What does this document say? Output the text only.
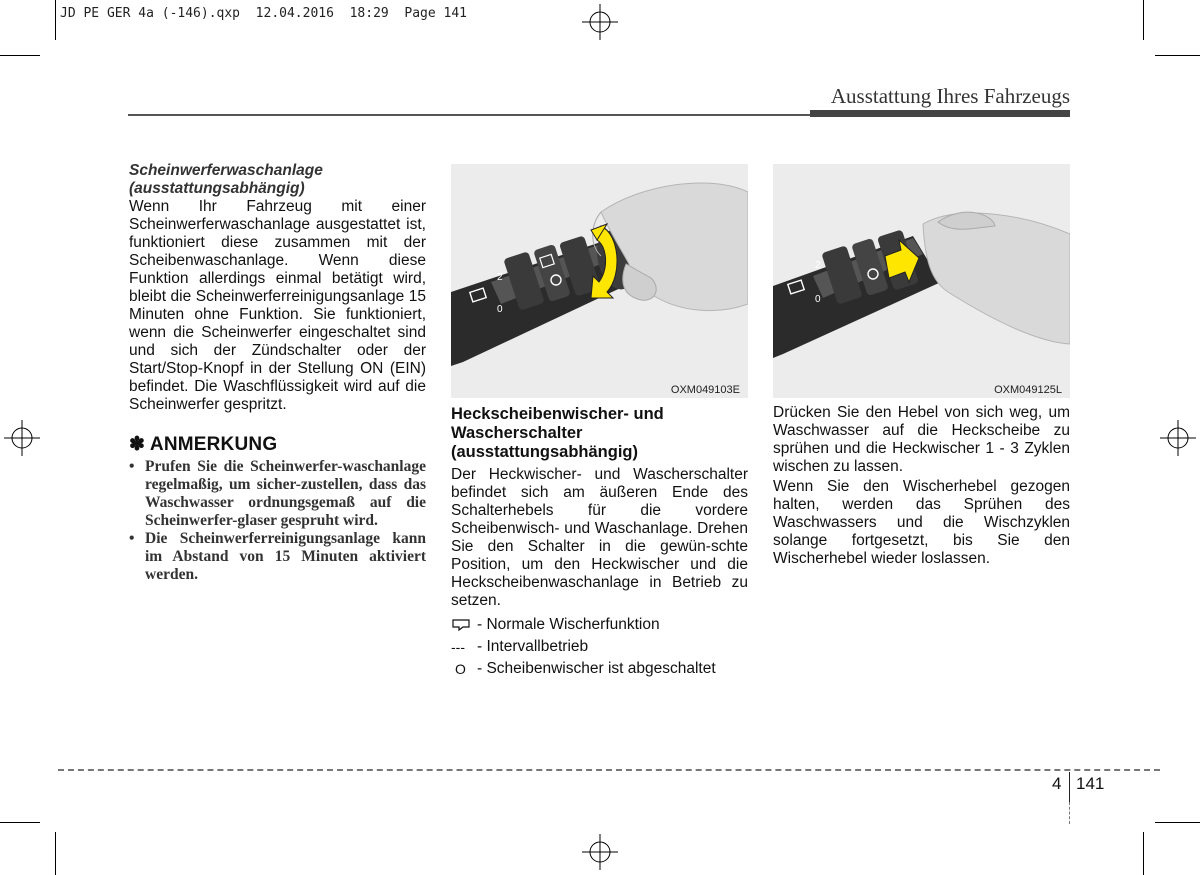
JD PE GER 4a (-146).qxp  12.04.2016  18:29  Page 141
Ausstattung Ihres Fahrzeugs
Scheinwerferwaschanlage
(ausstattungsabhängig)
Wenn Ihr Fahrzeug mit einer Scheinwerferwaschanlage ausgestattet ist, funktioniert diese zusammen mit der Scheibenwaschanlage. Wenn diese Funktion allerdings einmal betätigt wird, bleibt die Scheinwerferreinigungsanlage 15 Minuten ohne Funktion. Sie funktioniert, wenn die Scheinwerfer eingeschaltet sind und sich der Zündschalter oder der Start/Stop-Knopf in der Stellung ON (EIN) befindet. Die Waschflüssigkeit wird auf die Scheinwerfer gespritzt.
✽ ANMERKUNG
• Prufen Sie die Scheinwerfer-waschanlage regelmaßig, um sicher-zustellen, dass das Waschwasser ordnungsgemaß auf die Scheinwerfer-glaser gespruht wird.
• Die Scheinwerferreinigungsanlage kann im Abstand von 15 Minuten aktiviert werden.
2
0
OXM049103E
2
0
OXM049125L
Heckscheibenwischer- und Wascherschalter (ausstattungsabhängig)
Der Heckwischer- und Wascherschalter befindet sich am äußeren Ende des Schalterhebels für die vordere Scheibenwisch- und Waschanlage. Drehen Sie den Schalter in die gewün-schte Position, um den Heckwischer und die Heckscheibenwaschanlage in Betrieb zu setzen.
- Normale Wischerfunktion
--- - Intervallbetrieb
O - Scheibenwischer ist abgeschaltet
Drücken Sie den Hebel von sich weg, um Waschwasser auf die Heckscheibe zu sprühen und die Heckwischer 1 - 3 Zyklen wischen zu lassen.
Wenn Sie den Wischerhebel gezogen halten, werden das Sprühen des Waschwassers und die Wischzyklen solange fortgesetzt, bis Sie den Wischerhebel wieder loslassen.
4 141
